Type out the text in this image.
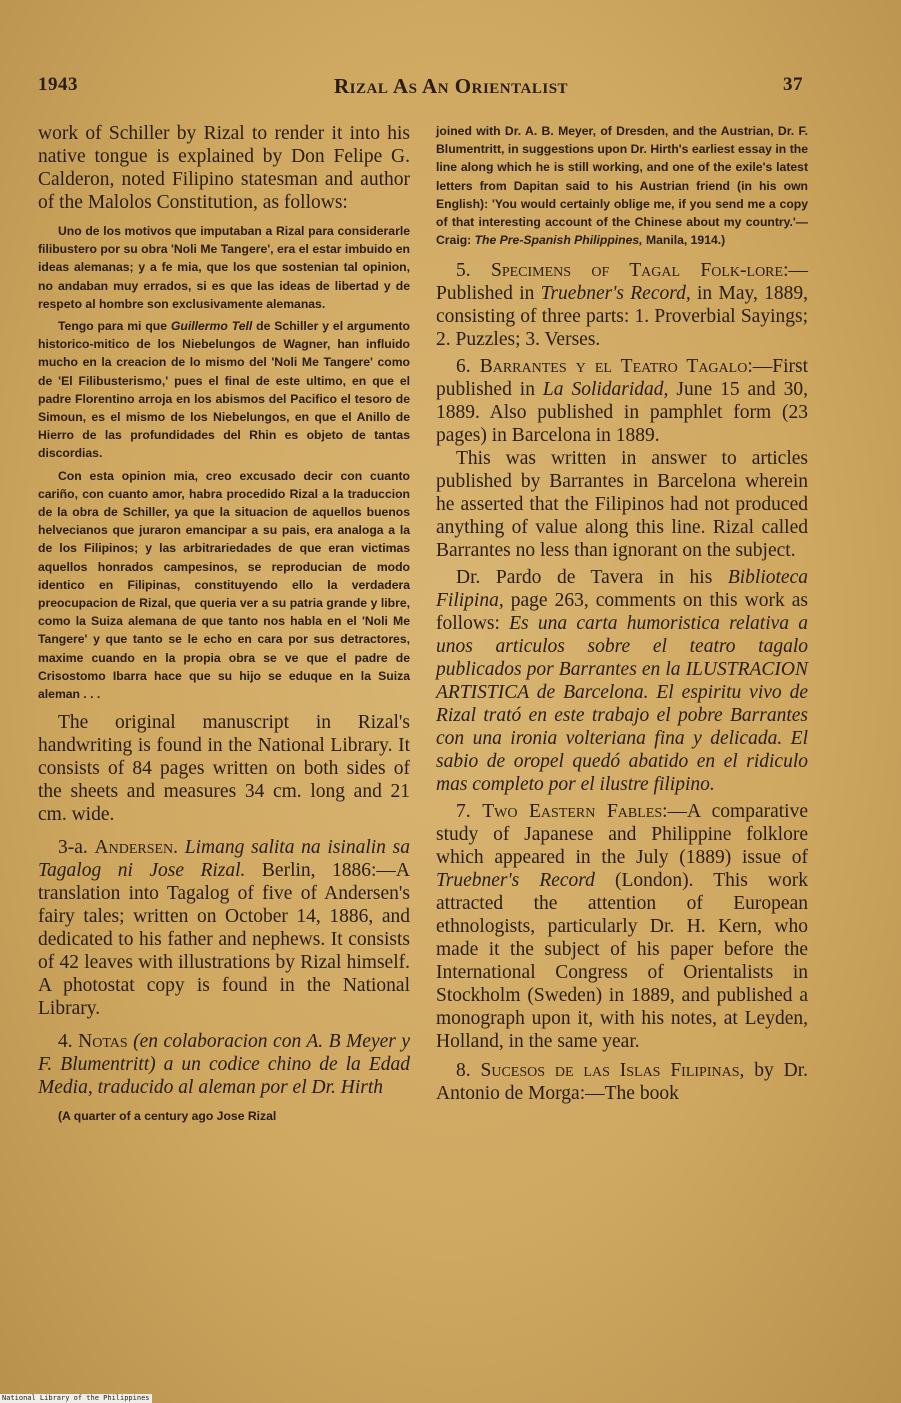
1943	Rizal As An Orientalist	37

work of Schiller by Rizal to render it into his native tongue is explained by Don Felipe G. Calderon, noted Filipino statesman and author of the Malolos Constitution, as follows:

Uno de los motivos que imputaban a Rizal para considerarle filibustero por su obra 'Noli Me Tangere', era el estar imbuido en ideas alemanas; y a fe mia, que los que sostenian tal opinion, no andaban muy errados, si es que las ideas de libertad y de respeto al hombre son exclusivamente alemanas.

Tengo para mi que Guillermo Tell de Schiller y el argumento historico-mitico de los Niebelungos de Wagner, han influido mucho en la creacion de lo mismo del 'Noli Me Tangere' como de 'El Filibusterismo,' pues el final de este ultimo, en que el padre Florentino arroja en los abismos del Pacifico el tesoro de Simoun, es el mismo de los Niebelungos, en que el Anillo de Hierro de las profundidades del Rhin es objeto de tantas discordias.

Con esta opinion mia, creo excusado decir con cuanto cariño, con cuanto amor, habra procedido Rizal a la traduccion de la obra de Schiller, ya que la situacion de aquellos buenos helvecianos que juraron emancipar a su pais, era analoga a la de los Filipinos; y las arbitrariedades de que eran victimas aquellos honrados campesinos, se reproducian de modo identico en Filipinas, constituyendo ello la verdadera preocupacion de Rizal, que queria ver a su patria grande y libre, como la Suiza alemana de que tanto nos habla en el 'Noli Me Tangere' y que tanto se le echo en cara por sus detractores, maxime cuando en la propia obra se ve que el padre de Crisostomo Ibarra hace que su hijo se eduque en la Suiza aleman . . .

The original manuscript in Rizal's handwriting is found in the National Library. It consists of 84 pages written on both sides of the sheets and measures 34 cm. long and 21 cm. wide.

3-a. Andersen. Limang salita na isinalin sa Tagalog ni Jose Rizal. Berlin, 1886:—A translation into Tagalog of five of Andersen's fairy tales; written on October 14, 1886, and dedicated to his father and nephews. It consists of 42 leaves with illustrations by Rizal himself. A photostat copy is found in the National Library.

4. Notas (en colaboracion con A. B Meyer y F. Blumentritt) a un codice chino de la Edad Media, traducido al aleman por el Dr. Hirth

(A quarter of a century ago Jose Rizal

joined with Dr. A. B. Meyer, of Dresden, and the Austrian, Dr. F. Blumentritt, in suggestions upon Dr. Hirth's earliest essay in the line along which he is still working, and one of the exile's latest letters from Dapitan said to his Austrian friend (in his own English): 'You would certainly oblige me, if you send me a copy of that interesting account of the Chinese about my country.'—Craig: The Pre-Spanish Philippines, Manila, 1914.)

5. Specimens of Tagal Folk-lore:—Published in Truebner's Record, in May, 1889, consisting of three parts: 1. Proverbial Sayings; 2. Puzzles; 3. Verses.

6. Barrantes y el Teatro Tagalo:—First published in La Solidaridad, June 15 and 30, 1889. Also published in pamphlet form (23 pages) in Barcelona in 1889.

This was written in answer to articles published by Barrantes in Barcelona wherein he asserted that the Filipinos had not produced anything of value along this line. Rizal called Barrantes no less than ignorant on the subject.

Dr. Pardo de Tavera in his Biblioteca Filipina, page 263, comments on this work as follows: Es una carta humoristica relativa a unos articulos sobre el teatro tagalo publicados por Barrantes en la ILUSTRACION ARTISTICA de Barcelona. El espiritu vivo de Rizal trató en este trabajo el pobre Barrantes con una ironia volteriana fina y delicada. El sabio de oropel quedó abatido en el ridiculo mas completo por el ilustre filipino.

7. Two Eastern Fables:—A comparative study of Japanese and Philippine folklore which appeared in the July (1889) issue of Truebner's Record (London). This work attracted the attention of European ethnologists, particularly Dr. H. Kern, who made it the subject of his paper before the International Congress of Orientalists in Stockholm (Sweden) in 1889, and published a monograph upon it, with his notes, at Leyden, Holland, in the same year.

8. Sucesos de las Islas Filipinas, by Dr. Antonio de Morga:—The book

National Library of the Philippines
